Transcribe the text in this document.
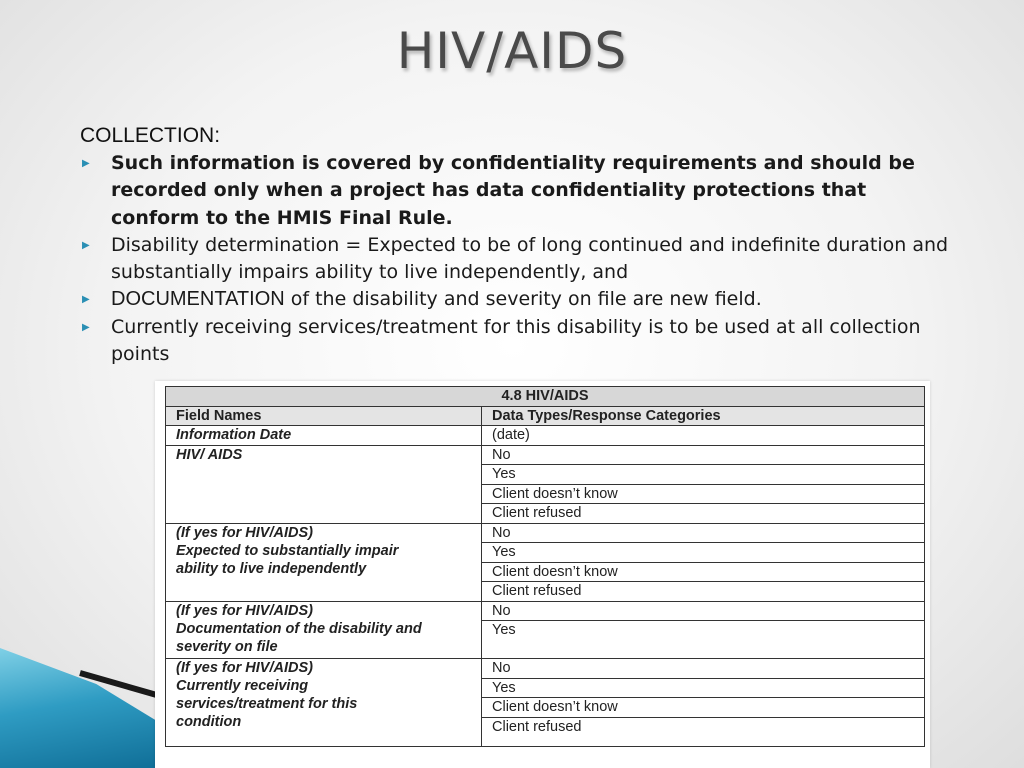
HIV/AIDS
COLLECTION:
▶ Such information is covered by confidentiality requirements and should be recorded only when a project has data confidentiality protections that conform to the HMIS Final Rule.
▶ Disability determination = Expected to be of long continued and indefinite duration and substantially impairs ability to live independently, and
▶ DOCUMENTATION of the disability and severity on file are new field.
▶ Currently receiving services/treatment for this disability is to be used at all collection points
4.8 HIV/AIDS	
Field Names	Data Types/Response Categories

Information Date	(date)

HIV/ AIDS	No
	Yes
	Client doesn’t know
	Client refused

(If yes for HIV/AIDS)
Expected to substantially impair
ability to live independently	No
	Yes
	Client doesn’t know
	Client refused

(If yes for HIV/AIDS)
Documentation of the disability and
severity on file	No
	Yes

(If yes for HIV/AIDS)
Currently receiving
services/treatment for this
condition	No
	Yes
	Client doesn’t know
	Client refused
